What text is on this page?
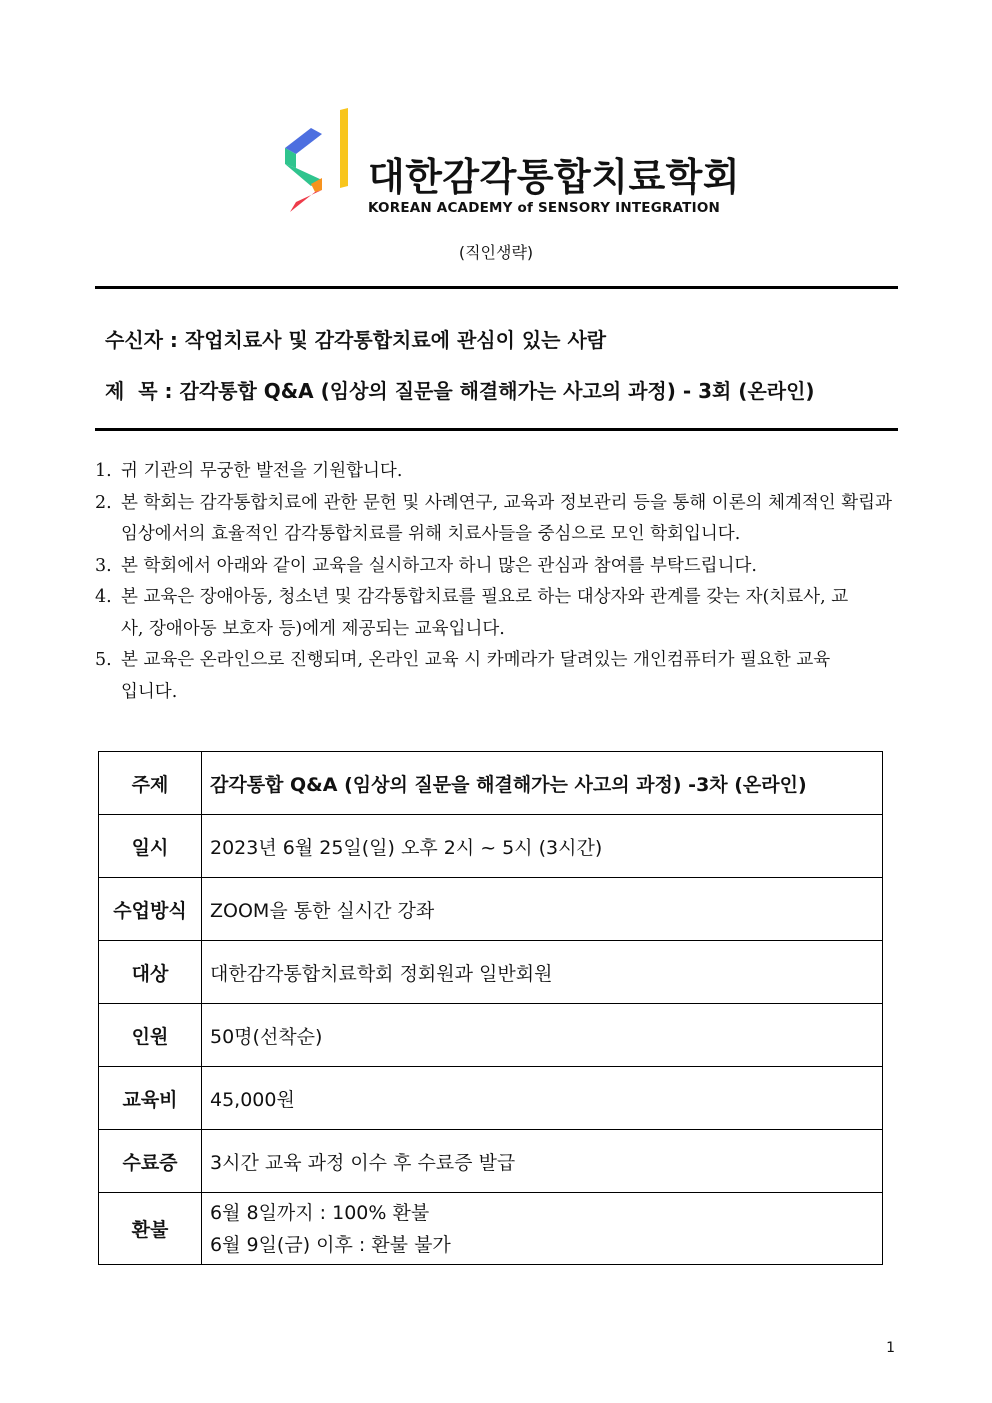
대한감각통합치료학회
KOREAN ACADEMY of SENSORY INTEGRATION
(직인생략)
수신자 : 작업치료사 및 감각통합치료에 관심이 있는 사람
제  목 : 감각통합 Q&A (임상의 질문을 해결해가는 사고의 과정) - 3회 (온라인)
1. 귀 기관의 무궁한 발전을 기원합니다.
2. 본 학회는 감각통합치료에 관한 문헌 및 사례연구, 교육과 정보관리 등을 통해 이론의 체계적인 확립과 임상에서의 효율적인 감각통합치료를 위해 치료사들을 중심으로 모인 학회입니다.
3. 본 학회에서 아래와 같이 교육을 실시하고자 하니 많은 관심과 참여를 부탁드립니다.
4. 본 교육은 장애아동, 청소년 및 감각통합치료를 필요로 하는 대상자와 관계를 갖는 자(치료사, 교사, 장애아동 보호자 등)에게 제공되는 교육입니다.
5. 본 교육은 온라인으로 진행되며, 온라인 교육 시 카메라가 달려있는 개인컴퓨터가 필요한 교육입니다.
주제	감각통합 Q&A (임상의 질문을 해결해가는 사고의 과정) -3차 (온라인)
일시	2023년 6월 25일(일) 오후 2시 ~ 5시 (3시간)
수업방식	ZOOM을 통한 실시간 강좌
대상	대한감각통합치료학회 정회원과 일반회원
인원	50명(선착순)
교육비	45,000원
수료증	3시간 교육 과정 이수 후 수료증 발급
환불	6월 8일까지 : 100% 환불
6월 9일(금) 이후 : 환불 불가
1
